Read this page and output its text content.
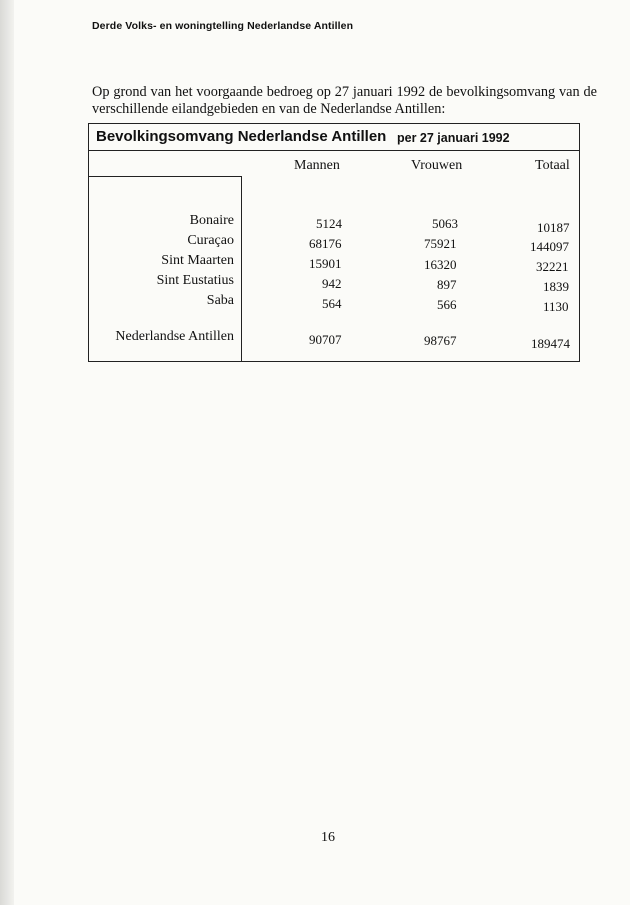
Derde Volks- en woningtelling Nederlandse Antillen
Op grond van het voorgaande bedroeg op 27 januari 1992 de bevolkingsomvang van de verschillende eilandgebieden en van de Nederlandse Antillen:
Bevolkingsomvang Nederlandse Antillen per 27 januari 1992
Mannen	Vrouwen	Totaal
Bonaire	5124	5063	10187
Curaçao	68176	75921	144097
Sint Maarten	15901	16320	32221
Sint Eustatius	942	897	1839
Saba	564	566	1130
Nederlandse Antillen	90707	98767	189474
16
